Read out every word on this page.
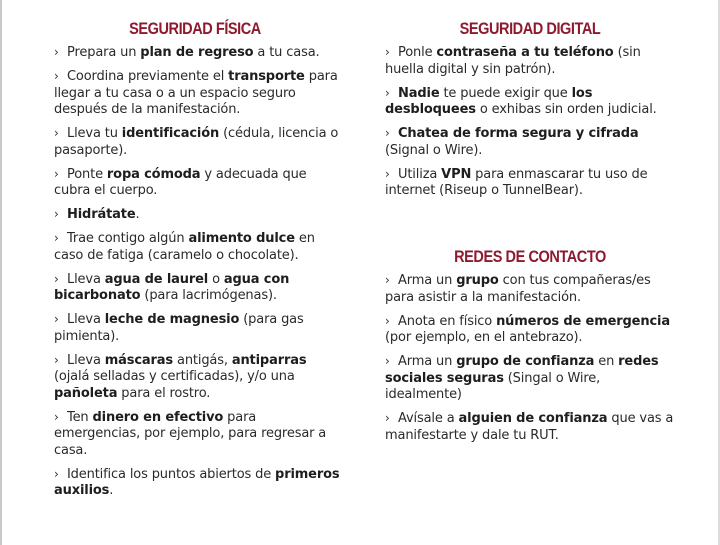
SEGURIDAD FÍSICA
› Prepara un plan de regreso a tu casa.
› Coordina previamente el transporte para llegar a tu casa o a un espacio seguro después de la manifestación.
› Lleva tu identificación (cédula, licencia o pasaporte).
› Ponte ropa cómoda y adecuada que cubra el cuerpo.
› Hidrátate.
› Trae contigo algún alimento dulce en caso de fatiga (caramelo o chocolate).
› Lleva agua de laurel o agua con bicarbonato (para lacrimógenas).
› Lleva leche de magnesio (para gas pimienta).
› Lleva máscaras antigás, antiparras (ojalá selladas y certificadas), y/o una pañoleta para el rostro.
› Ten dinero en efectivo para emergencias, por ejemplo, para regresar a casa.
› Identifica los puntos abiertos de primeros auxilios.
SEGURIDAD DIGITAL
› Ponle contraseña a tu teléfono (sin huella digital y sin patrón).
› Nadie te puede exigir que los desbloquees o exhibas sin orden judicial.
› Chatea de forma segura y cifrada (Signal o Wire).
› Utiliza VPN para enmascarar tu uso de internet (Riseup o TunnelBear).
REDES DE CONTACTO
› Arma un grupo con tus compañeras/es para asistir a la manifestación.
› Anota en físico números de emergencia (por ejemplo, en el antebrazo).
› Arma un grupo de confianza en redes sociales seguras (Singal o Wire, idealmente)
› Avísale a alguien de confianza que vas a manifestarte y dale tu RUT.
